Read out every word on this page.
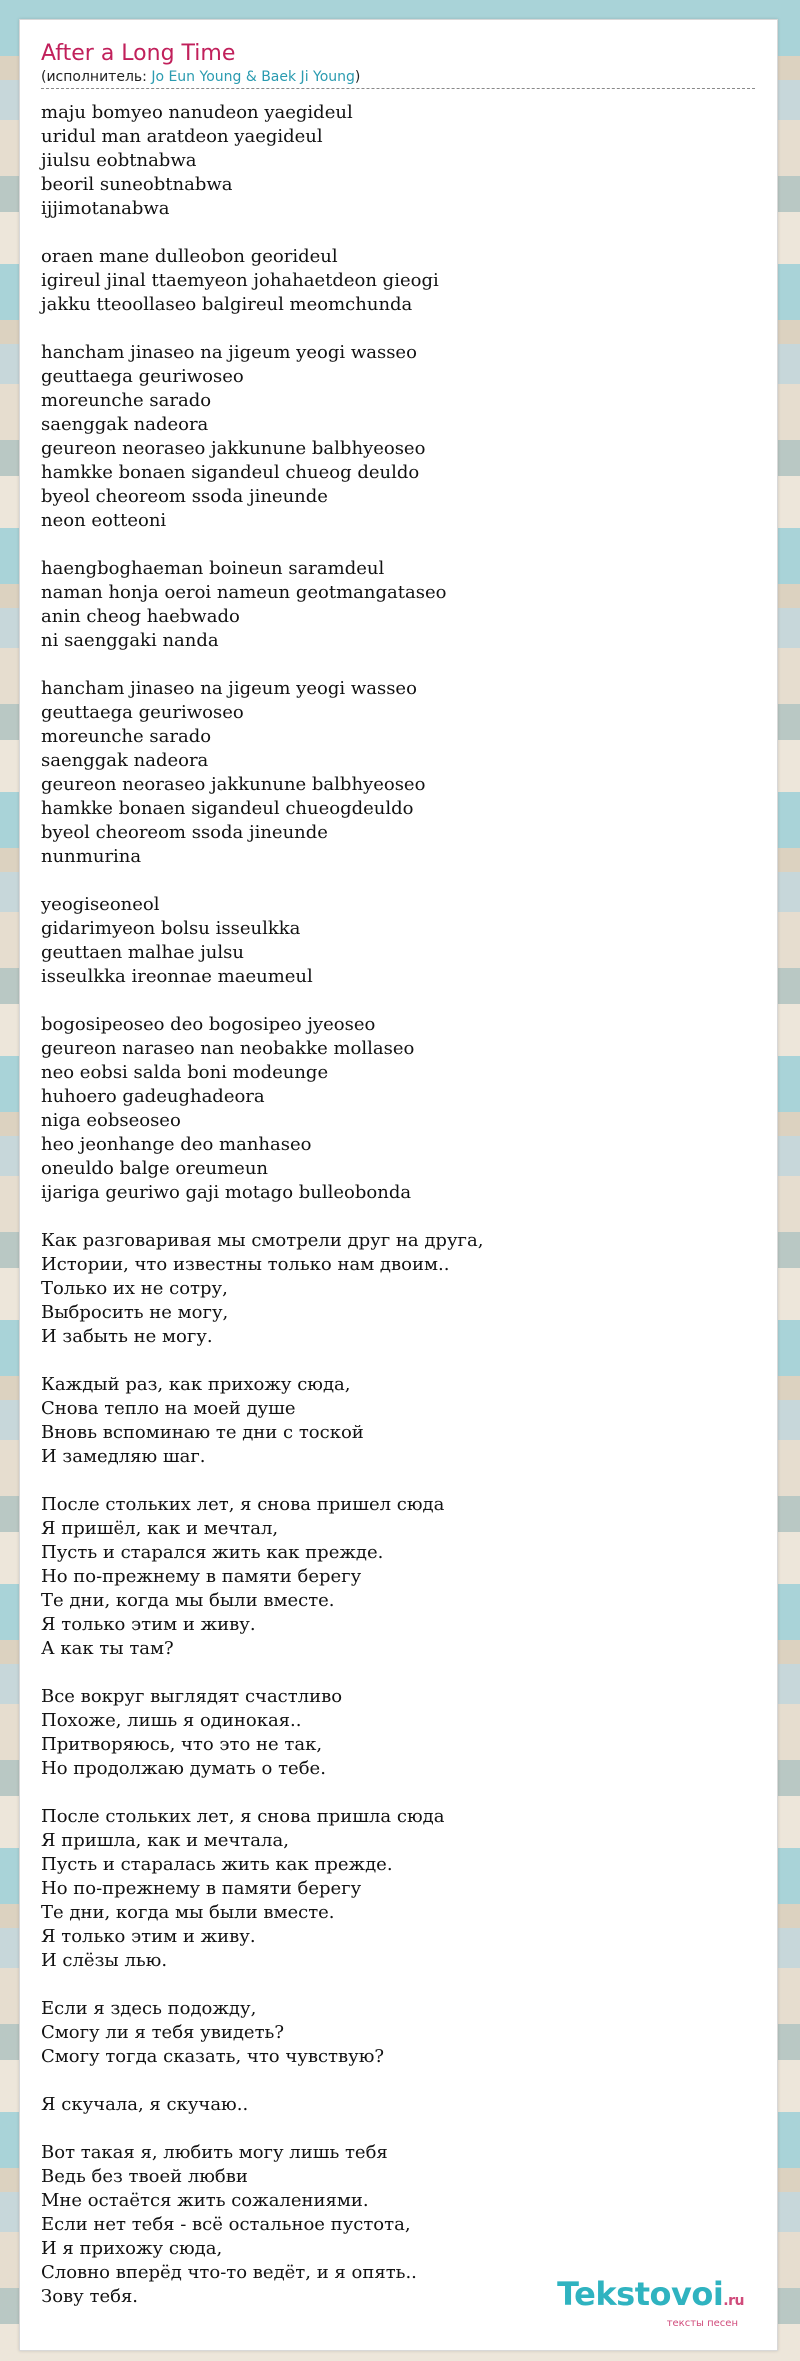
After a Long Time
(исполнитель: Jo Eun Young & Baek Ji Young)
maju bomyeo nanudeon yaegideul
uridul man aratdeon yaegideul
jiulsu eobtnabwa
beoril suneobtnabwa
ijjimotanabwa
oraen mane dulleobon georideul
igireul jinal ttaemyeon johahaetdeon gieogi
jakku tteoollaseo balgireul meomchunda
hancham jinaseo na jigeum yeogi wasseo
geuttaega geuriwoseo
moreunche sarado
saenggak nadeora
geureon neoraseo jakkunune balbhyeoseo
hamkke bonaen sigandeul chueog deuldo
byeol cheoreom ssoda jineunde
neon eotteoni
haengboghaeman boineun saramdeul
naman honja oeroi nameun geotmangataseo
anin cheog haebwado
ni saenggaki nanda
hancham jinaseo na jigeum yeogi wasseo
geuttaega geuriwoseo
moreunche sarado
saenggak nadeora
geureon neoraseo jakkunune balbhyeoseo
hamkke bonaen sigandeul chueogdeuldo
byeol cheoreom ssoda jineunde
nunmurina
yeogiseoneol
gidarimyeon bolsu isseulkka
geuttaen malhae julsu
isseulkka ireonnae maeumeul
bogosipeoseo deo bogosipeo jyeoseo
geureon naraseo nan neobakke mollaseo
neo eobsi salda boni modeunge
huhoero gadeughadeora
niga eobseoseo
heo jeonhange deo manhaseo
oneuldo balge oreumeun
ijariga geuriwo gaji motago bulleobonda
Как разговаривая мы смотрели друг на друга,
Истории, что известны только нам двоим..
Только их не сотру,
Выбросить не могу,
И забыть не могу.
Каждый раз, как прихожу сюда,
Снова тепло на моей душе
Вновь вспоминаю те дни с тоской
И замедляю шаг.
После стольких лет, я снова пришел сюда
Я пришёл, как и мечтал,
Пусть и старался жить как прежде.
Но по-прежнему в памяти берегу
Те дни, когда мы были вместе.
Я только этим и живу.
А как ты там?
Все вокруг выглядят счастливо
Похоже, лишь я одинокая..
Притворяюсь, что это не так,
Но продолжаю думать о тебе.
После стольких лет, я снова пришла сюда
Я пришла, как и мечтала,
Пусть и старалась жить как прежде.
Но по-прежнему в памяти берегу
Те дни, когда мы были вместе.
Я только этим и живу.
И слёзы лью.
Если я здесь подожду,
Смогу ли я тебя увидеть?
Смогу тогда сказать, что чувствую?
Я скучала, я скучаю..
Вот такая я, любить могу лишь тебя
Ведь без твоей любви
Мне остаётся жить сожалениями.
Если нет тебя - всё остальное пустота,
И я прихожу сюда,
Словно вперёд что-то ведёт, и я опять..
Зову тебя.	Tekstovoi.ru
тексты песен
